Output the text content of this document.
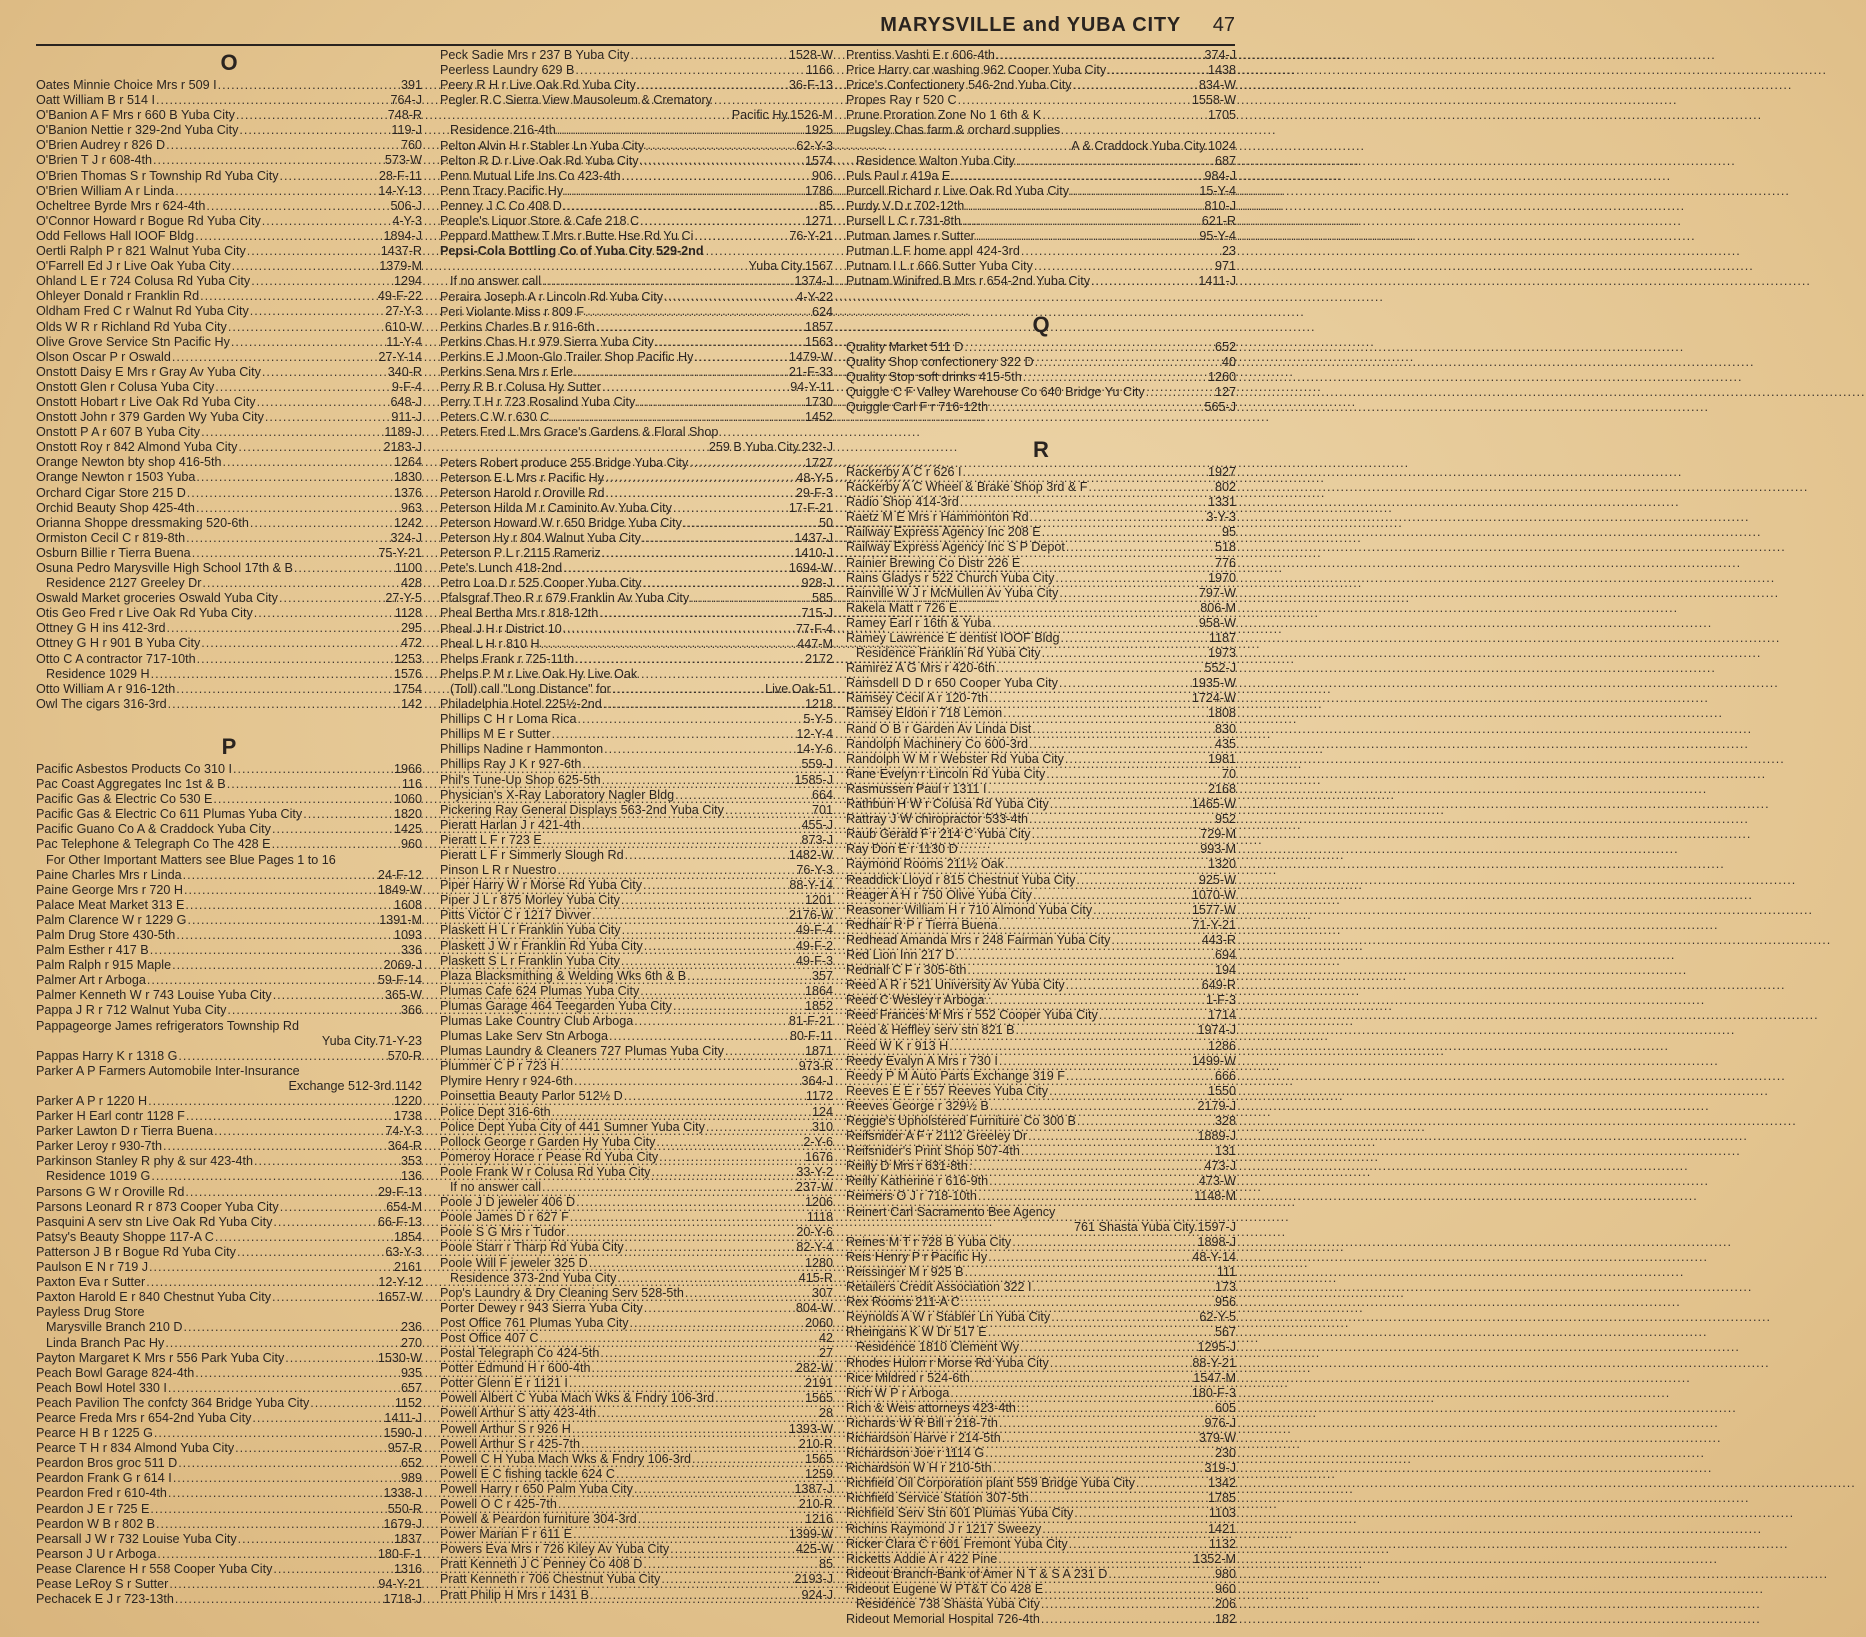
MARYSVILLE and YUBA CITY 47
O
Oates Minnie Choice Mrs r 509 I .....	391
Oatt William B r 514 I .....	764-J
O'Banion A F Mrs r 660 B Yuba City .....	748-R
O'Banion Nettie r 329-2nd Yuba City .....	119-J
O'Brien Audrey r 826 D .....	760
O'Brien T J r 608-4th .....	573-W
O'Brien Thomas S r Township Rd Yuba City .....	28-F-11
O'Brien William A r Linda .....	14-Y-13
Ocheltree Byrde Mrs r 624-4th .....	506-J
O'Connor Howard r Bogue Rd Yuba City .....	4-Y-3
Odd Fellows Hall IOOF Bldg .....	1894-J
Oertli Ralph P r 821 Walnut Yuba City .....	1437-R
O'Farrell Ed J r Live Oak Yuba City .....	1379-M
Ohland L E r 724 Colusa Rd Yuba City .....	1294
Ohleyer Donald r Franklin Rd .....	49-F-22
Oldham Fred C r Walnut Rd Yuba City .....	27-Y-3
Olds W R r Richland Rd Yuba City .....	610-W
Olive Grove Service Stn Pacific Hy .....	11-Y-4
Olson Oscar P r Oswald .....	27-Y-14
Onstott Daisy E Mrs r Gray Av Yuba City .....	340-R
Onstott Glen r Colusa Yuba City .....	9-F-4
Onstott Hobart r Live Oak Rd Yuba City .....	648-J
Onstott John r 379 Garden Wy Yuba City .....	911-J
Onstott P A r 607 B Yuba City .....	1189-J
Onstott Roy r 842 Almond Yuba City .....	2183-J
Orange Newton bty shop 416-5th .....	1264
Orange Newton r 1503 Yuba .....	1830
Orchard Cigar Store 215 D .....	1376
Orchid Beauty Shop 425-4th .....	963
Orianna Shoppe dressmaking 520-6th .....	1242
Ormiston Cecil C r 819-8th .....	324-J
Osburn Billie r Tierra Buena .....	75-Y-21
Osuna Pedro Marysville High School 17th & B .....	1100
Residence 2127 Greeley Dr .....	428
Oswald Market groceries Oswald Yuba City .....	27-Y-5
Otis Geo Fred r Live Oak Rd Yuba City .....	1128
Ottney G H ins 412-3rd .....	295
Ottney G H r 901 B Yuba City .....	472
Otto C A contractor 717-10th .....	1253
Residence 1029 H .....	1576
Otto William A r 916-12th .....	1754
Owl The cigars 316-3rd .....	142
P
Pacific Asbestos Products Co 310 I .....	1966
Pac Coast Aggregates Inc 1st & B .....	116
Pacific Gas & Electric Co 530 E .....	1060
Pacific Gas & Electric Co 611 Plumas Yuba City .....	1820
Pacific Guano Co A & Craddock Yuba City .....	1425
Pac Telephone & Telegraph Co The 428 E .....	960
For Other Important Matters see Blue Pages 1 to 16
Paine Charles Mrs r Linda .....	24-F-12
Paine George Mrs r 720 H .....	1849-W
Palace Meat Market 313 E .....	1608
Palm Clarence W r 1229 G .....	1391-M
Palm Drug Store 430-5th .....	1093
Palm Esther r 417 B .....	336
Palm Ralph r 915 Maple .....	2069-J
Palmer Art r Arboga .....	59-F-14
Palmer Kenneth W r 743 Louise Yuba City .....	365-W
Pappa J R r 712 Walnut Yuba City .....	366
Pappageorge James refrigerators Township Rd
Yuba City.71-Y-23
Pappas Harry K r 1318 G .....	570-R
Parker A P Farmers Automobile Inter-Insurance
Exchange 512-3rd.1142
Parker A P r 1220 H .....	1220
Parker H Earl contr 1128 F .....	1738
Parker Lawton D r Tierra Buena .....	74-Y-3
Parker Leroy r 930-7th .....	364-R
Parkinson Stanley R phy & sur 423-4th .....	353
Residence 1019 G .....	136
Parsons G W r Oroville Rd .....	29-F-13
Parsons Leonard R r 873 Cooper Yuba City .....	654-M
Pasquini A serv stn Live Oak Rd Yuba City .....	66-F-13
Patsy's Beauty Shoppe 117-A C .....	1854
Patterson J B r Bogue Rd Yuba City .....	63-Y-3
Paulson E N r 719 J .....	2161
Paxton Eva r Sutter .....	12-Y-12
Paxton Harold E r 840 Chestnut Yuba City .....	1657-W
Payless Drug Store
Marysville Branch 210 D .....	236
Linda Branch Pac Hy .....	270
Payton Margaret K Mrs r 556 Park Yuba City .....	1530-W
Peach Bowl Garage 824-4th .....	935
Peach Bowl Hotel 330 I .....	657
Peach Pavilion The confcty 364 Bridge Yuba City .....	1152
Pearce Freda Mrs r 654-2nd Yuba City .....	1411-J
Pearce H B r 1225 G .....	1590-J
Pearce T H r 834 Almond Yuba City .....	957-R
Peardon Bros groc 511 D .....	652
Peardon Frank G r 614 I .....	989
Peardon Fred r 610-4th .....	1338-J
Peardon J E r 725 E .....	550-R
Peardon W B r 802 B .....	1679-J
Pearsall J W r 732 Louise Yuba City .....	1837
Pearson J U r Arboga .....	180-F-1
Pease Clarence H r 558 Cooper Yuba City .....	1316
Pease LeRoy S r Sutter .....	94-Y-21
Pechacek E J r 723-13th .....	1718-J
Peck Sadie Mrs r 237 B Yuba City .....	1528-W
Peerless Laundry 629 B .....	1166
Peery R H r Live Oak Rd Yuba City .....	36-F-13
Pegler R C Sierra View Mausoleum & Crematory
Pacific Hy.1526-M
Residence 216-4th .....	1925
Pelton Alvin H r Stabler Ln Yuba City .....	62-Y-3
Pelton R D r Live Oak Rd Yuba City .....	1574
Penn Mutual Life Ins Co 423-4th .....	906
Penn Tracy Pacific Hy .....	1786
Penney J C Co 408 D .....	85
People's Liquor Store & Cafe 218 C .....	1271
Peppard Matthew T Mrs r Butte Hse Rd Yu Ci .....	76-Y-21
Pepsi-Cola Bottling Co of Yuba City 529-2nd
Yuba City.1567
If no answer call .....	1374-J
Peraira Joseph A r Lincoln Rd Yuba City .....	4-Y-22
Peri Violante Miss r 809 F .....	624
Perkins Charles B r 916-6th .....	1857
Perkins Chas H r 979 Sierra Yuba City .....	1563
Perkins E J Moon-Glo Trailer Shop Pacific Hy .....	1479-W
Perkins Sena Mrs r Erle .....	21-F-33
Perry R B r Colusa Hy Sutter .....	94-Y-11
Perry T H r 723 Rosalind Yuba City .....	1730
Peters C W r 630 C .....	1452
Peters Fred L Mrs Grace's Gardens & Floral Shop
259 B Yuba City.232-J
Peters Robert produce 255 Bridge Yuba City .....	1727
Peterson E L Mrs r Pacific Hy .....	48-Y-5
Peterson Harold r Oroville Rd .....	29-F-3
Peterson Hilda M r Caminito Av Yuba City .....	17-F-21
Peterson Howard W r 650 Bridge Yuba City .....	50
Peterson Hy r 804 Walnut Yuba City .....	1437-J
Peterson P L r 2115 Rameriz .....	1410-J
Pete's Lunch 418-2nd .....	1694-W
Petro Loa D r 525 Cooper Yuba City .....	928-J
Pfalsgraf Theo R r 679 Franklin Av Yuba City .....	585
Pheal Bertha Mrs r 818-12th .....	715-J
Pheal J H r District 10 .....	77-F-4
Pheal L H r 810 H .....	447-M
Phelps Frank r 725-11th .....	2172
Phelps P M r Live Oak Hy Live Oak
(Toll) call "Long Distance" for .....	Live Oak-51
Philadelphia Hotel 225½-2nd .....	1218
Phillips C H r Loma Rica .....	5-Y-5
Phillips M E r Sutter .....	12-Y-4
Phillips Nadine r Hammonton .....	14-Y-6
Phillips Ray J K r 927-6th .....	559-J
Phil's Tune-Up Shop 625-5th .....	1585-J
Physician's X-Ray Laboratory Nagler Bldg .....	664
Pickering Ray General Displays 563-2nd Yuba City .....	701
Pieratt Harlan J r 421-4th .....	455-J
Pieratt L F r 723 E .....	873-J
Pieratt L F r Simmerly Slough Rd .....	1482-W
Pinson L R r Nuestro .....	76-Y-3
Piper Harry W r Morse Rd Yuba City .....	88-Y-14
Piper J L r 875 Morley Yuba City .....	1201
Pitts Victor C r 1217 Divver .....	2176-W
Plaskett H L r Franklin Yuba City .....	49-F-4
Plaskett J W r Franklin Rd Yuba City .....	49-F-2
Plaskett S L r Franklin Yuba City .....	49-F-3
Plaza Blacksmithing & Welding Wks 6th & B .....	357
Plumas Cafe 624 Plumas Yuba City .....	1864
Plumas Garage 464 Teegarden Yuba City .....	1852
Plumas Lake Country Club Arboga .....	81-F-21
Plumas Lake Serv Stn Arboga .....	80-F-11
Plumas Laundry & Cleaners 727 Plumas Yuba City .....	1871
Plummer C P r 723 H .....	973-R
Plymire Henry r 924-6th .....	364-J
Poinsettia Beauty Parlor 512½ D .....	1172
Police Dept 316-6th .....	124
Police Dept Yuba City of 441 Sumner Yuba City .....	310
Pollock George r Garden Hy Yuba City .....	2-Y-6
Pomeroy Horace r Pease Rd Yuba City .....	1676
Poole Frank W r Colusa Rd Yuba City .....	33-Y-2
If no answer call .....	237-W
Poole J D jeweler 406 D .....	1206
Poole James D r 627 F .....	1118
Poole S G Mrs r Tudor .....	20-Y-6
Poole Starr r Tharp Rd Yuba City .....	82-Y-4
Poole Will F jeweler 325 D .....	1280
Residence 373-2nd Yuba City .....	415-R
Pop's Laundry & Dry Cleaning Serv 528-5th .....	307
Porter Dewey r 943 Sierra Yuba City .....	804-W
Post Office 761 Plumas Yuba City .....	2060
Post Office 407 C .....	42
Postal Telegraph Co 424-5th .....	27
Potter Edmund H r 600-4th .....	282-W
Potter Glenn E r 1121 I .....	2191
Powell Albert C Yuba Mach Wks & Fndry 106-3rd .....	1565
Powell Arthur S atty 423-4th .....	28
Powell Arthur S r 926 H .....	1393-W
Powell Arthur S r 425-7th .....	210-R
Powell C H Yuba Mach Wks & Fndry 106-3rd .....	1565
Powell E C fishing tackle 624 C .....	1259
Powell Harry r 650 Palm Yuba City .....	1387-J
Powell O C r 425-7th .....	210-R
Powell & Peardon furniture 304-3rd .....	1216
Power Marian F r 611 E .....	1399-W
Powers Eva Mrs r 726 Kiley Av Yuba City .....	425-W
Pratt Kenneth J C Penney Co 408 D .....	85
Pratt Kenneth r 706 Chestnut Yuba City .....	2193-J
Pratt Philip H Mrs r 1431 B .....	924-J
Prentiss Vashti E r 606-4th .....	374-J
Price Harry car washing 962 Cooper Yuba City .....	1438
Price's Confectionery 546-2nd Yuba City .....	834-W
Propes Ray r 520 C .....	1558-W
Prune Proration Zone No 1 6th & K .....	1705
Pugsley Chas farm & orchard supplies
A & Craddock Yuba City.1024
Residence Walton Yuba City .....	687
Puls Paul r 419a E .....	984-J
Purcell Richard r Live Oak Rd Yuba City .....	15-Y-4
Purdy V D r 702-12th .....	810-J
Pursell L C r 731-8th .....	621-R
Putman James r Sutter .....	95-Y-4
Putman L F home appl 424-3rd .....	23
Putnam I L r 666 Sutter Yuba City .....	971
Putnam Winifred B Mrs r 654-2nd Yuba City .....	1411-J
Q
Quality Market 511 D .....	652
Quality Shop confectionery 322 D .....	40
Quality Stop soft drinks 415-5th .....	1260
Quiggle C F Valley Warehouse Co 640 Bridge Yu City .....	127
Quiggle Carl F r 716-12th .....	565-J
R
Rackerby A C r 626 I .....	1927
Rackerby A C Wheel & Brake Shop 3rd & F .....	802
Radio Shop 414-3rd .....	1331
Raetz M E Mrs r Hammonton Rd .....	3-Y-3
Railway Express Agency Inc 208 E .....	95
Railway Express Agency Inc S P Depot .....	518
Rainier Brewing Co Distr 226 E .....	776
Rains Gladys r 522 Church Yuba City .....	1970
Rainville W J r McMullen Av Yuba City .....	797-W
Rakela Matt r 726 E .....	806-M
Ramey Earl r 16th & Yuba .....	958-W
Ramey Lawrence E dentist IOOF Bldg .....	1187
Residence Franklin Rd Yuba City .....	1973
Ramirez A G Mrs r 420-6th .....	552-J
Ramsdell D D r 650 Cooper Yuba City .....	1935-W
Ramsey Cecil A r 120-7th .....	1724-W
Ramsey Eldon r 718 Lemon .....	1808
Rand O B r Garden Av Linda Dist .....	830
Randolph Machinery Co 600-3rd .....	435
Randolph W M r Webster Rd Yuba City .....	1981
Rane Evelyn r Lincoln Rd Yuba City .....	70
Rasmussen Paul r 1311 I .....	2168
Rathbun H W r Colusa Rd Yuba City .....	1465-W
Rattray J W chiropractor 533-4th .....	952
Raub Gerald F r 214 C Yuba City .....	729-M
Ray Don E r 1130 D .....	993-M
Raymond Rooms 211½ Oak .....	1320
Readdick Lloyd r 815 Chestnut Yuba City .....	925-W
Reager A H r 750 Olive Yuba City .....	1070-W
Reasoner William H r 710 Almond Yuba City .....	1577-W
Redhair R P r Tierra Buena .....	71-Y-21
Redhead Amanda Mrs r 248 Fairman Yuba City .....	443-R
Red Lion Inn 217 D .....	694
Rednall C F r 305-6th .....	194
Reed A R r 521 University Av Yuba City .....	649-R
Reed C Wesley r Arboga .....	1-F-3
Reed Frances M Mrs r 552 Cooper Yuba City .....	1714
Reed & Heffley serv stn 821 B .....	1974-J
Reed W K r 913 H .....	1286
Reedy Evalyn A Mrs r 730 I .....	1499-W
Reedy P M Auto Parts Exchange 319 F .....	666
Reeves E E r 557 Reeves Yuba City .....	1550
Reeves George r 329½ B .....	2179-J
Reggie's Upholstered Furniture Co 300 B .....	328
Reifsnider A F r 2112 Greeley Dr .....	1889-J
Reifsnider's Print Shop 507-4th .....	131
Reilly D Mrs r 631-8th .....	473-J
Reilly Katherine r 616-9th .....	473-W
Reimers O J r 718-10th .....	1148-M
Reinert Carl Sacramento Bee Agency
761 Shasta Yuba City.1597-J
Reines M T r 728 B Yuba City .....	1898-J
Reis Henry P r Pacific Hy .....	48-Y-14
Reissinger M r 925 B .....	111
Retailers Credit Association 322 I .....	173
Rex Rooms 211-A C .....	956
Reynolds A W r Stabler Ln Yuba City .....	62-Y-5
Rheingans K W Dr 517 E .....	567
Residence 1810 Clement Wy .....	1295-J
Rhodes Hulon r Morse Rd Yuba City .....	88-Y-21
Rice Mildred r 524-6th .....	1547-M
Rich W P r Arboga .....	180-F-3
Rich & Weis attorneys 423-4th .....	605
Richards W R Bill r 218-7th .....	976-J
Richardson Harve r 214-5th .....	379-W
Richardson Joe r 1114 G .....	230
Richardson W H r 210-5th .....	319-J
Richfield Oil Corporation plant 559 Bridge Yuba City .....	1342
Richfield Service Station 307-5th .....	1785
Richfield Serv Stn 601 Plumas Yuba City .....	1103
Richins Raymond J r 1217 Sweezy .....	1421
Ricker Clara C r 601 Fremont Yuba City .....	1132
Ricketts Addie A r 422 Pine .....	1352-M
Rideout Branch-Bank of Amer N T & S A 231 D .....	980
Rideout Eugene W PT&T Co 428 E .....	960
Residence 738 Shasta Yuba City .....	206
Rideout Memorial Hospital 726-4th .....	182
